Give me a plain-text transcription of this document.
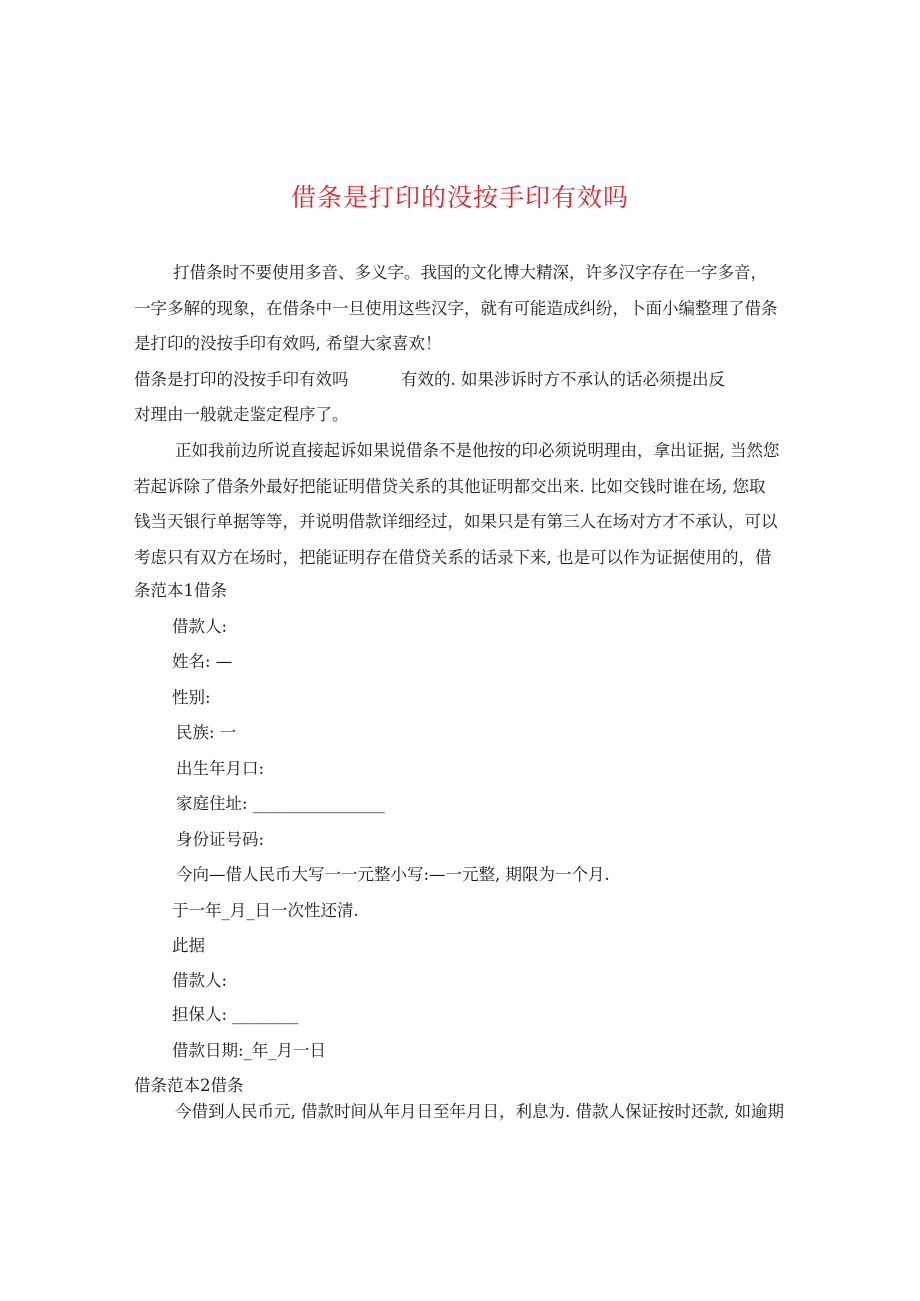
借条是打印的没按手印有效吗
打借条时不要使用多音、多义字。我国的文化博大精深，许多汉字存在一字多音，
一字多解的现象，在借条中一旦使用这些汉字，就有可能造成纠纷，卜面小编整理了借条
是打印的没按手印有效吗, 希望大家喜欢！
借条是打印的没按手印有效吗	有效的. 如果涉诉时方不承认的话必须提出反
对理由一般就走鉴定程序了。
正如我前边所说直接起诉如果说借条不是他按的印必须说明理由，拿出证据, 当然您
若起诉除了借条外最好把能证明借贷关系的其他证明都交出来. 比如交钱时谁在场, 您取
钱当天银行单据等等，并说明借款详细经过，如果只是有第三人在场对方才不承认，可以
考虑只有双方在场时，把能证明存在借贷关系的话录下来, 也是可以作为证据使用的，借
条范本1借条
借款人:
姓名: —
性别:
民族: 一
出生年月口:
家庭住址: ________________
身份证号码:
今向—借人民币大写一一元整小写:—一元整, 期限为一个月.
于一年_月_日一次性还清.
此据
借款人:
担保人: ________
借款日期:_年_月一日
借条范本2借条
今借到人民币元, 借款时间从年月日至年月日，利息为. 借款人保证按时还款, 如逾期
